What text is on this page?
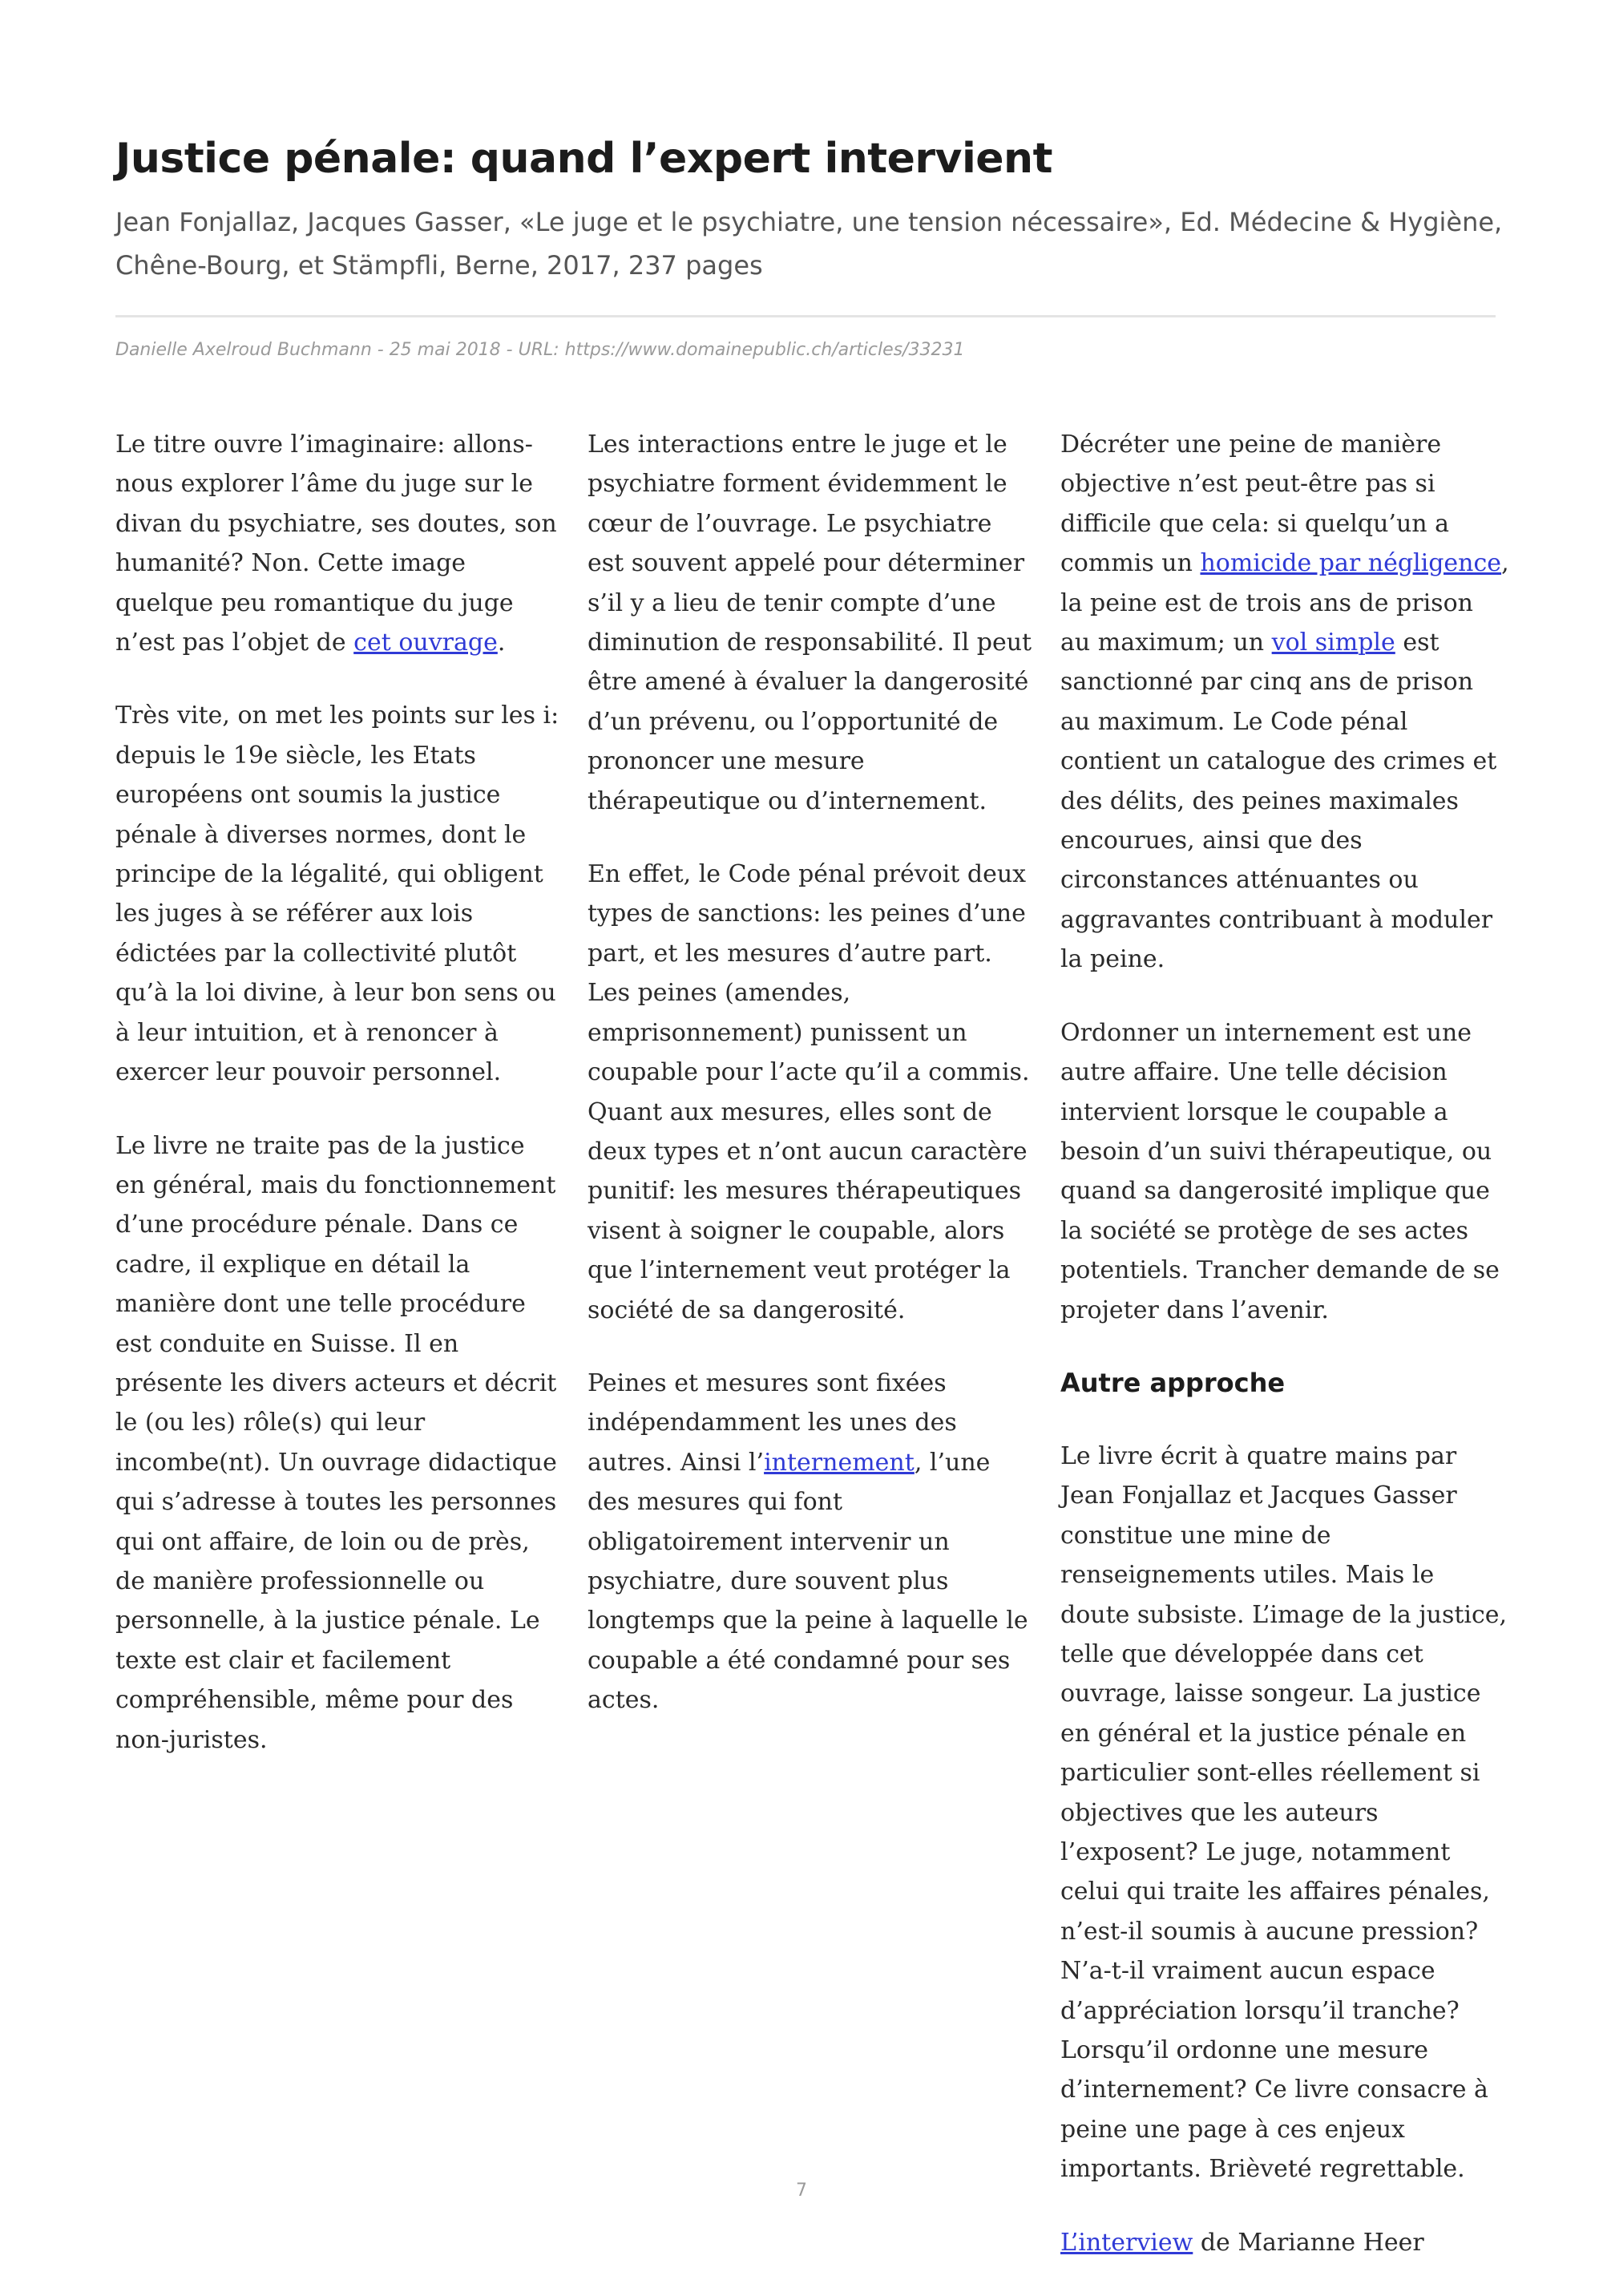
Justice pénale: quand l’expert intervient

Jean Fonjallaz, Jacques Gasser, «Le juge et le psychiatre, une tension nécessaire», Ed. Médecine & Hygiène, Chêne-Bourg, et Stämpfli, Berne, 2017, 237 pages

Danielle Axelroud Buchmann - 25 mai 2018 - URL: https://www.domainepublic.ch/articles/33231

Le titre ouvre l’imaginaire: allons-nous explorer l’âme du juge sur le divan du psychiatre, ses doutes, son humanité? Non. Cette image quelque peu romantique du juge n’est pas l’objet de cet ouvrage.

Très vite, on met les points sur les i: depuis le 19e siècle, les Etats européens ont soumis la justice pénale à diverses normes, dont le principe de la légalité, qui obligent les juges à se référer aux lois édictées par la collectivité plutôt qu’à la loi divine, à leur bon sens ou à leur intuition, et à renoncer à exercer leur pouvoir personnel.

Le livre ne traite pas de la justice en général, mais du fonctionnement d’une procédure pénale. Dans ce cadre, il explique en détail la manière dont une telle procédure est conduite en Suisse. Il en présente les divers acteurs et décrit le (ou les) rôle(s) qui leur incombe(nt). Un ouvrage didactique qui s’adresse à toutes les personnes qui ont affaire, de loin ou de près, de manière professionnelle ou personnelle, à la justice pénale. Le texte est clair et facilement compréhensible, même pour des non-juristes.

Les interactions entre le juge et le psychiatre forment évidemment le cœur de l’ouvrage. Le psychiatre est souvent appelé pour déterminer s’il y a lieu de tenir compte d’une diminution de responsabilité. Il peut être amené à évaluer la dangerosité d’un prévenu, ou l’opportunité de prononcer une mesure thérapeutique ou d’internement.

En effet, le Code pénal prévoit deux types de sanctions: les peines d’une part, et les mesures d’autre part. Les peines (amendes, emprisonnement) punissent un coupable pour l’acte qu’il a commis. Quant aux mesures, elles sont de deux types et n’ont aucun caractère punitif: les mesures thérapeutiques visent à soigner le coupable, alors que l’internement veut protéger la société de sa dangerosité.

Peines et mesures sont fixées indépendamment les unes des autres. Ainsi l’internement, l’une des mesures qui font obligatoirement intervenir un psychiatre, dure souvent plus longtemps que la peine à laquelle le coupable a été condamné pour ses actes.

Décréter une peine de manière objective n’est peut-être pas si difficile que cela: si quelqu’un a commis un homicide par négligence, la peine est de trois ans de prison au maximum; un vol simple est sanctionné par cinq ans de prison au maximum. Le Code pénal contient un catalogue des crimes et des délits, des peines maximales encourues, ainsi que des circonstances atténuantes ou aggravantes contribuant à moduler la peine.

Ordonner un internement est une autre affaire. Une telle décision intervient lorsque le coupable a besoin d’un suivi thérapeutique, ou quand sa dangerosité implique que la société se protège de ses actes potentiels. Trancher demande de se projeter dans l’avenir.

Autre approche

Le livre écrit à quatre mains par Jean Fonjallaz et Jacques Gasser constitue une mine de renseignements utiles. Mais le doute subsiste. L’image de la justice, telle que développée dans cet ouvrage, laisse songeur. La justice en général et la justice pénale en particulier sont-elles réellement si objectives que les auteurs l’exposent? Le juge, notamment celui qui traite les affaires pénales, n’est-il soumis à aucune pression? N’a-t-il vraiment aucun espace d’appréciation lorsqu’il tranche? Lorsqu’il ordonne une mesure d’internement? Ce livre consacre à peine une page à ces enjeux importants. Brièveté regrettable.

L’interview de Marianne Heer

7
